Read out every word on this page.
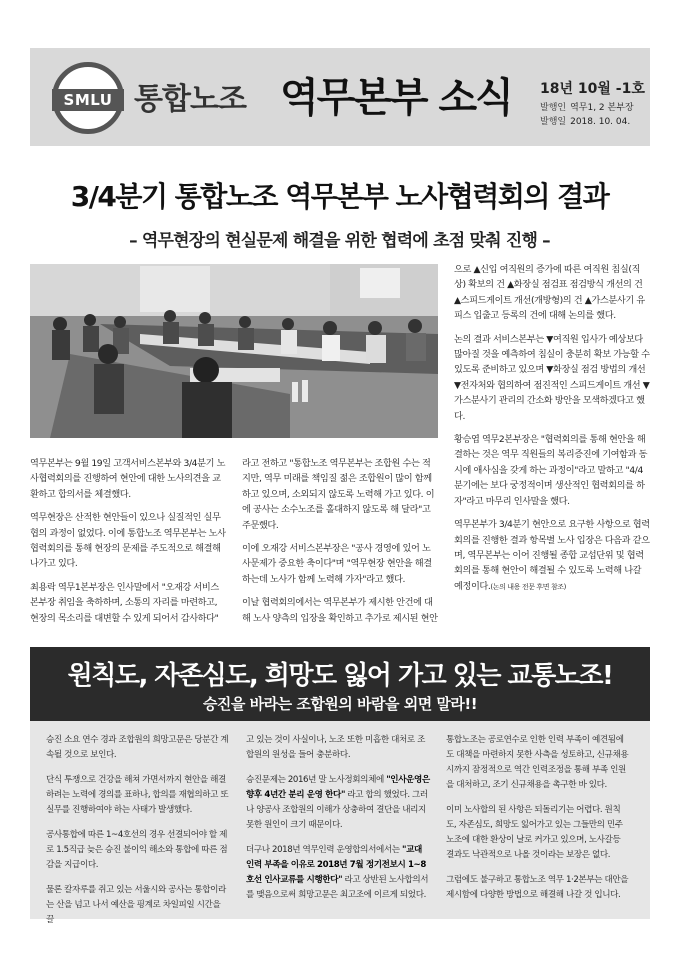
SMLU 통합노조 역무본부 소식 18년 10월 -1호
발행인 역무1, 2 본부장
발행일 2018. 10. 04.
3/4분기 통합노조 역무본부 노사협력회의 결과
– 역무현장의 현실문제 해결을 위한 협력에 초점 맞춰 진행 –

역무본부는 9월 19일 고객서비스본부와 3/4분기 노사협력회의를 진행하여 현안에 대한 노사의견을 교환하고 합의서를 체결했다.

역무현장은 산적한 현안들이 있으나 실질적인 실무협의 과정이 없었다. 이에 통합노조 역무본부는 노사협력회의를 통해 현장의 문제를 주도적으로 해결해 나가고 있다.

최용락 역무1본부장은 인사말에서 "오재강 서비스본부장 취임을 축하하며, 소통의 자리를 마련하고, 현장의 목소리를 대변할 수 있게 되어서 감사하다"

라고 전하고 "통합노조 역무본부는 조합원 수는 적지만, 역무 미래를 책임질 젊은 조합원이 많이 함께하고 있으며, 소외되지 않도록 노력해 가고 있다. 이에 공사는 소수노조를 홀대하지 않도록 해 달라"고 주문했다.

이에 오재강 서비스본부장은 "공사 경영에 있어 노사문제가 중요한 축이다"며 "역무현장 현안을 해결하는데 노사가 함께 노력해 가자"라고 했다.

이날 협력회의에서는 역무본부가 제시한 안건에 대해 노사 양측의 입장을 확인하고 추가로 제시된 현안

으로 ▲신입 여직원의 증가에 따른 여직원 침실(직상) 확보의 건 ▲화장실 점검표 점검방식 개선의 건 ▲스피드게이트 개선(개방형)의 건 ▲가스분사기 유피스 입출고 등록의 건에 대해 논의를 했다.

논의 결과 서비스본부는 ▼여직원 입사가 예상보다 많아질 것을 예측하여 침실이 충분히 확보 가능할 수 있도록 준비하고 있으며 ▼화장실 점검 방법의 개선 ▼전자처와 협의하여 점진적인 스피드게이트 개선 ▼가스분사기 관리의 간소화 방안을 모색하겠다고 했다.

황승엽 역무2본부장은 "협력회의를 통해 현안을 해결하는 것은 역무 직원들의 복리증진에 기여함과 동시에 애사심을 갖게 하는 과정이"라고 말하고 "4/4분기에는 보다 궁정적이며 생산적인 협력회의를 하자"라고 마무리 인사말을 했다.

역무본부가 3/4분기 현안으로 요구한 사항으로 협력회의를 진행한 결과 항목별 노사 입장은 다음과 같으며, 역무본부는 이어 진행될 종합 교섭단위 및 협력회의를 통해 현안이 해결될 수 있도록 노력해 나갈 예정이다.(논의 내용 전문 후면 참조)

원칙도, 자존심도, 희망도 잃어 가고 있는 교통노조!
승진을 바라는 조합원의 바람을 외면 말라!!

승진 소요 연수 경과 조합원의 희망고문은 당분간 계속될 것으로 보인다.

단식 투쟁으로 건강을 해쳐 가면서까지 현안을 해결하려는 노력에 경의를 표하나, 합의를 재협의하고 또 실무를 진행하여야 하는 사태가 발생했다.

공사통합에 따른 1~4호선의 경우 선결되어야 할 제로 1.5직급 늦은 승진 불이익 해소와 통합에 따른 점감을 지급이다.

물론 칼자루를 쥐고 있는 서울시와 공사는 통합이라는 산을 넘고 나서 예산을 핑계로 차일피일 시간을 끌

고 있는 것이 사실이나, 노조 또한 미흡한 대처로 조합원의 원성을 들어 충분하다.

승진문제는 2016년 말 노사정회의체에 "인사운영은 향후 4년간 분리 운영 한다" 라고 합의 했었다. 그러나 양공사 조합원의 이해가 상충하여 결단을 내리지 못한 원인이 크기 때문이다.

더구나 2018년 역무인력 운영합의서에서는 "교대 인력 부족을 이유로 2018년 7월 정기전보시 1~8호선 인사교류를 시행한다" 라고 상반된 노사합의서를 맺음으로써 희망고문은 최고조에 이르게 되었다.

통합노조는 공로연수로 인한 인력 부족이 예견됨에도 대책을 마련하지 못한 사측을 성토하고, 신규채용 시까지 잠정적으로 역간 인력조정을 통해 부족 인원을 대처하고, 조기 신규채용을 촉구한 바 있다.

이미 노사합의 된 사항은 되돌리기는 어렵다. 원칙도, 자존심도, 희망도 잃어가고 있는 그들만의 민주노조에 대한 환상이 날로 커가고 있으며, 노사갈등 결과도 낙관적으로 나올 것이라는 보장은 없다.

그럼에도 불구하고 통합노조 역무 1·2본부는 대안을 제시함에 다양한 방법으로 해결해 나갈 것 입니다.
